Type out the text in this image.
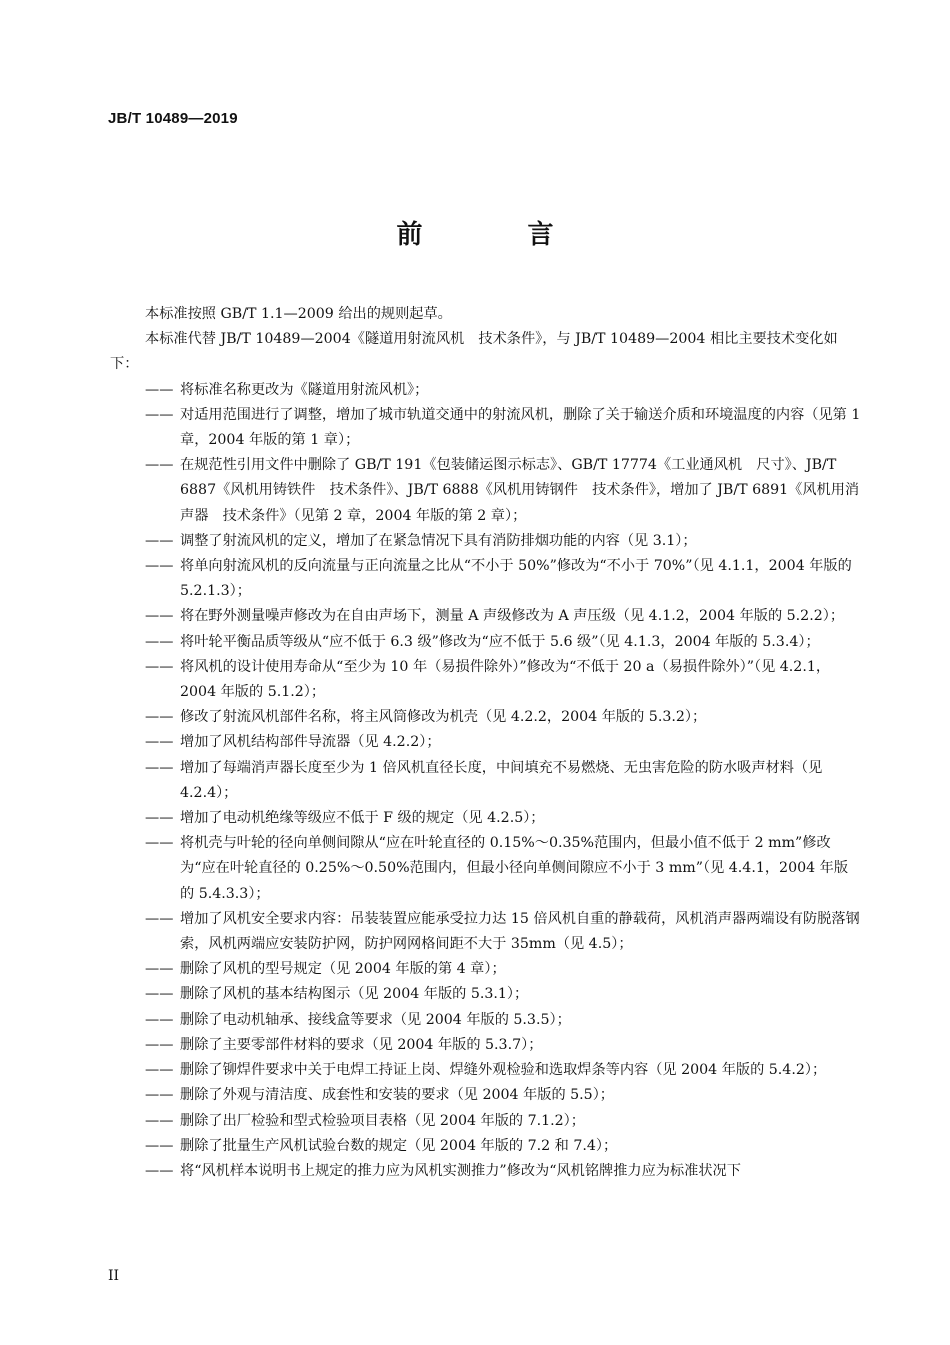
JB/T 10489—2019
前 言

本标准按照 GB/T 1.1—2009 给出的规则起草。

本标准代替 JB/T 10489—2004《隧道用射流风机　技术条件》，与 JB/T 10489—2004 相比主要技术变化如下：

—— 将标准名称更改为《隧道用射流风机》；

—— 对适用范围进行了调整，增加了城市轨道交通中的射流风机，删除了关于输送介质和环境温度的内容（见第 1 章，2004 年版的第 1 章）；

—— 在规范性引用文件中删除了 GB/T 191《包装储运图示标志》、GB/T 17774《工业通风机　尺寸》、JB/T 6887《风机用铸铁件　技术条件》、JB/T 6888《风机用铸钢件　技术条件》，增加了 JB/T 6891《风机用消声器　技术条件》（见第 2 章，2004 年版的第 2 章）；

—— 调整了射流风机的定义，增加了在紧急情况下具有消防排烟功能的内容（见 3.1）；

—— 将单向射流风机的反向流量与正向流量之比从“不小于 50%”修改为“不小于 70%”（见 4.1.1，2004 年版的 5.2.1.3）；

—— 将在野外测量噪声修改为在自由声场下，测量 A 声级修改为 A 声压级（见 4.1.2，2004 年版的 5.2.2）；

—— 将叶轮平衡品质等级从“应不低于 6.3 级”修改为“应不低于 5.6 级”（见 4.1.3，2004 年版的 5.3.4）；

—— 将风机的设计使用寿命从“至少为 10 年（易损件除外）”修改为“不低于 20 a（易损件除外）”（见 4.2.1，2004 年版的 5.1.2）；

—— 修改了射流风机部件名称，将主风筒修改为机壳（见 4.2.2，2004 年版的 5.3.2）；

—— 增加了风机结构部件导流器（见 4.2.2）；

—— 增加了每端消声器长度至少为 1 倍风机直径长度，中间填充不易燃烧、无虫害危险的防水吸声材料（见 4.2.4）；

—— 增加了电动机绝缘等级应不低于 F 级的规定（见 4.2.5）；

—— 将机壳与叶轮的径向单侧间隙从“应在叶轮直径的 0.15%～0.35%范围内，但最小值不低于 2 mm”修改为“应在叶轮直径的 0.25%～0.50%范围内，但最小径向单侧间隙应不小于 3 mm”（见 4.4.1，2004 年版的 5.4.3.3）；

—— 增加了风机安全要求内容：吊装装置应能承受拉力达 15 倍风机自重的静载荷，风机消声器两端设有防脱落钢索，风机两端应安装防护网，防护网网格间距不大于 35mm（见 4.5）；

—— 删除了风机的型号规定（见 2004 年版的第 4 章）；

—— 删除了风机的基本结构图示（见 2004 年版的 5.3.1）；

—— 删除了电动机轴承、接线盒等要求（见 2004 年版的 5.3.5）；

—— 删除了主要零部件材料的要求（见 2004 年版的 5.3.7）；

—— 删除了铆焊件要求中关于电焊工持证上岗、焊缝外观检验和选取焊条等内容（见 2004 年版的 5.4.2）；

—— 删除了外观与清洁度、成套性和安装的要求（见 2004 年版的 5.5）；

—— 删除了出厂检验和型式检验项目表格（见 2004 年版的 7.1.2）；

—— 删除了批量生产风机试验台数的规定（见 2004 年版的 7.2 和 7.4）；

—— 将“风机样本说明书上规定的推力应为风机实测推力”修改为“风机铭牌推力应为标准状况下

II
